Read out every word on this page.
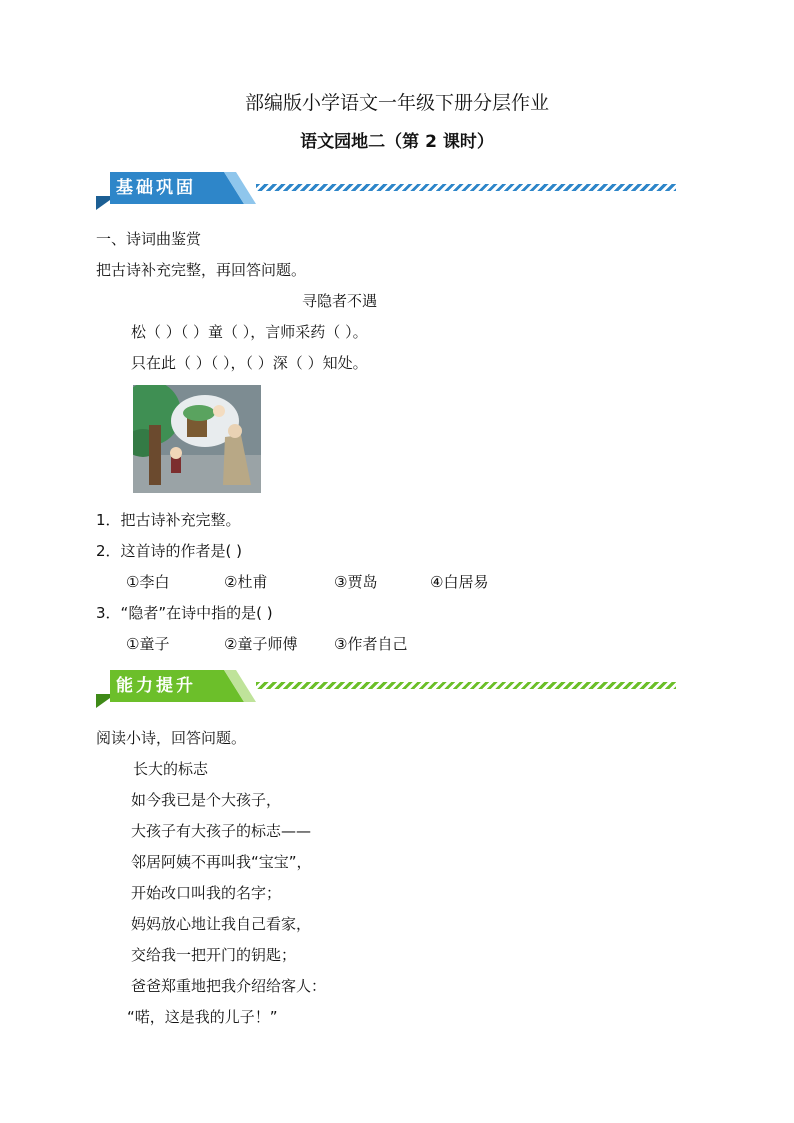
部编版小学语文一年级下册分层作业
语文园地二（第 2 课时）
基础巩固
一、诗词曲鉴赏
把古诗补充完整，再回答问题。
寻隐者不遇
松（ ）（ ）童（ ），言师采药（ ）。
只在此（ ）（ ），（ ）深（ ）知处。
1．把古诗补充完整。
2．这首诗的作者是( )
①李白	②杜甫	③贾岛	④白居易
3．“隐者”在诗中指的是( )
①童子	②童子师傅 ③作者自己
能力提升
阅读小诗，回答问题。
长大的标志
如今我已是个大孩子，
大孩子有大孩子的标志——
邻居阿姨不再叫我“宝宝”，
开始改口叫我的名字；
妈妈放心地让我自己看家，
交给我一把开门的钥匙；
爸爸郑重地把我介绍给客人：
“喏，这是我的儿子！”
